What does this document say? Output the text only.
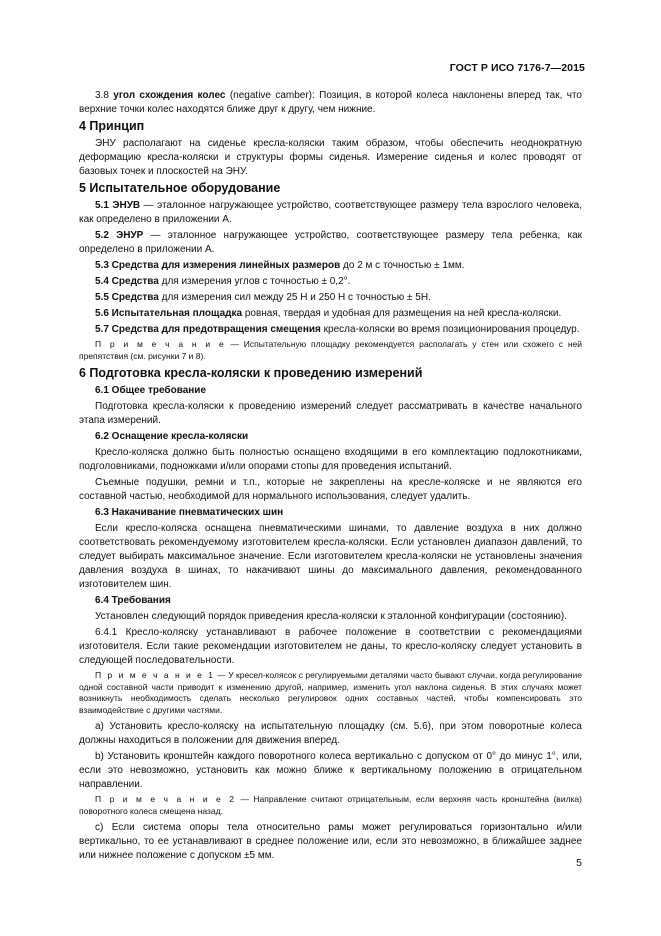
ГОСТ Р ИСО 7176-7—2015
3.8 угол схождения колес (negative camber): Позиция, в которой колеса наклонены вперед так, что верхние точки колес находятся ближе друг к другу, чем нижние.
4 Принцип
ЭНУ располагают на сиденье кресла-коляски таким образом, чтобы обеспечить неоднократную деформацию кресла-коляски и структуры формы сиденья. Измерение сиденья и колес проводят от базовых точек и плоскостей на ЭНУ.
5 Испытательное оборудование
5.1 ЭНУВ — эталонное нагружающее устройство, соответствующее размеру тела взрослого человека, как определено в приложении А.
5.2 ЭНУР — эталонное нагружающее устройство, соответствующее размеру тела ребенка, как определено в приложении А.
5.3 Средства для измерения линейных размеров до 2 м с точностью ± 1мм.
5.4 Средства для измерения углов с точностью ± 0,2°.
5.5 Средства для измерения сил между 25 Н и 250 Н с точностью ± 5Н.
5.6 Испытательная площадка ровная, твердая и удобная для размещения на ней кресла-коляски.
5.7 Средства для предотвращения смещения кресла-коляски во время позиционирования процедур.
П р и м е ч а н и е — Испытательную площадку рекомендуется располагать у стен или схожего с ней препятствия (см. рисунки 7 и 8).
6 Подготовка кресла-коляски к проведению измерений
6.1 Общее требование
Подготовка кресла-коляски к проведению измерений следует рассматривать в качестве начального этапа измерений.
6.2 Оснащение кресла-коляски
Кресло-коляска должно быть полностью оснащено входящими в его комплектацию подлокотниками, подголовниками, подножками и/или опорами стопы для проведения испытаний.
Съемные подушки, ремни и т.п., которые не закреплены на кресле-коляске и не являются его составной частью, необходимой для нормального использования, следует удалить.
6.3 Накачивание пневматических шин
Если кресло-коляска оснащена пневматическими шинами, то давление воздуха в них должно соответствовать рекомендуемому изготовителем кресла-коляски. Если установлен диапазон давлений, то следует выбирать максимальное значение. Если изготовителем кресла-коляски не установлены значения давления воздуха в шинах, то накачивают шины до максимального давления, рекомендованного изготовителем шин.
6.4 Требования
Установлен следующий порядок приведения кресла-коляски к эталонной конфигурации (состоянию).
6.4.1 Кресло-коляску устанавливают в рабочее положение в соответствии с рекомендациями изготовителя. Если такие рекомендации изготовителем не даны, то кресло-коляску следует установить в следующей последовательности.
П р и м е ч а н и е 1 — У кресел-колясок с регулируемыми деталями часто бывают случаи, когда регулирование одной составной части приводит к изменению другой, например, изменить угол наклона сиденья. В этих случаях может возникнуть необходимость сделать несколько регулировок одних составных частей, чтобы компенсировать это взаимодействие с другими частями.
a) Установить кресло-коляску на испытательную площадку (см. 5.6), при этом поворотные колеса должны находиться в положении для движения вперед.
b) Установить кронштейн каждого поворотного колеса вертикально с допуском от 0° до минус 1°, или, если это невозможно, установить как можно ближе к вертикальному положению в отрицательном направлении.
П р и м е ч а н и е 2 — Направление считают отрицательным, если верхняя часть кронштейна (вилка) поворотного колеса смещена назад.
c) Если система опоры тела относительно рамы может регулироваться горизонтально и/или вертикально, то ее устанавливают в среднее положение или, если это невозможно, в ближайшее заднее или нижнее положение с допуском ±5 мм.
5
